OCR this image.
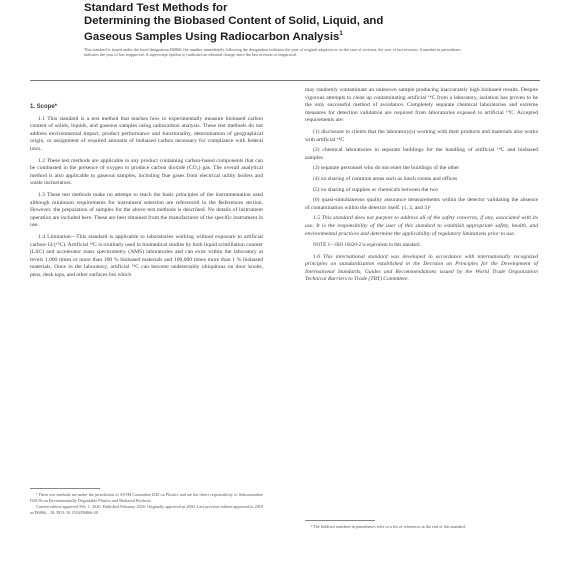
Standard Test Methods for
Determining the Biobased Content of Solid, Liquid, and
Gaseous Samples Using Radiocarbon Analysis$^1$
This standard is issued under the fixed designation D6866; the number immediately following the designation indicates the year of original adoption or, in the case of revision, the year of last revision. A number in parentheses indicates the year of last reapproval. A superscript epsilon (ε) indicates an editorial change since the last revision or reapproval.
1. Scope*

1.1 This standard is a test method that teaches how to experimentally measure biobased carbon content of solids, liquids, and gaseous samples using radiocarbon analysis. These test methods do not address environmental impact, product performance and functionality, determination of geographical origin, or assignment of required amounts of biobased carbon necessary for compliance with federal laws.

1.2 These test methods are applicable to any product containing carbon-based components that can be combusted in the presence of oxygen to produce carbon dioxide (CO₂) gas. The overall analytical method is also applicable to gaseous samples, including flue gases from electrical utility boilers and waste incinerators.

1.3 These test methods make no attempt to teach the basic principles of the instrumentation used although minimum requirements for instrument selection are referenced in the References section. However, the preparation of samples for the above test methods is described. No details of instrument operation are included here. These are best obtained from the manufacturer of the specific instrument in use.

1.4 Limitation—This standard is applicable to laboratories working without exposure to artificial carbon-14 (¹⁴C). Artificial ¹⁴C is routinely used in biomedical studies by both liquid scintillation counter (LSC) and accelerator mass spectrometry (AMS) laboratories and can exist within the laboratory at levels 1,000 times or more than 100 % biobased materials and 100,000 times more than 1 % biobased materials. Once in the laboratory, artificial ¹⁴C can become undetectably ubiquitous on door knobs, pens, desk tops, and other surfaces but which

¹ These test methods are under the jurisdiction of ASTM Committee D20 on Plastics and are the direct responsibility of Subcommittee D20.96 on Environmentally Degradable Plastics and Biobased Products.

Current edition approved Feb. 1, 2020. Published February 2020. Originally approved in 2004. Last previous edition approved in 2018 as D6866 – 18. DOI: 10.1520/D6866-20.

may randomly contaminate an unknown sample producing inaccurately high biobased results. Despite vigorous attempts to clean up contaminating artificial ¹⁴C from a laboratory, isolation has proven to be the only successful method of avoidance. Completely separate chemical laboratories and extreme measures for detection validation are required from laboratories exposed to artificial ¹⁴C. Accepted requirements are:

(1) disclosure to clients that the laboratory(s) working with their products and materials also works with artificial ¹⁴C

(2) chemical laboratories in separate buildings for the handling of artificial ¹⁴C and biobased samples

(3) separate personnel who do not enter the buildings of the other

(4) no sharing of common areas such as lunch rooms and offices

(5) no sharing of supplies or chemicals between the two

(6) quasi-simultaneous quality assurance measurements within the detector validating the absence of contamination within the detector itself. (1, 2, and 3)²

1.5 This standard does not purport to address all of the safety concerns, if any, associated with its use. It is the responsibility of the user of this standard to establish appropriate safety, health, and environmental practices and determine the applicability of regulatory limitations prior to use.

NOTE 1—ISO 16620-2 is equivalent to this standard.

1.6 This international standard was developed in accordance with internationally recognized principles on standardization established in the Decision on Principles for the Development of International Standards, Guides and Recommendations issued by the World Trade Organization Technical Barriers to Trade (TBT) Committee.

² The boldface numbers in parentheses refer to a list of references at the end of this standard.
